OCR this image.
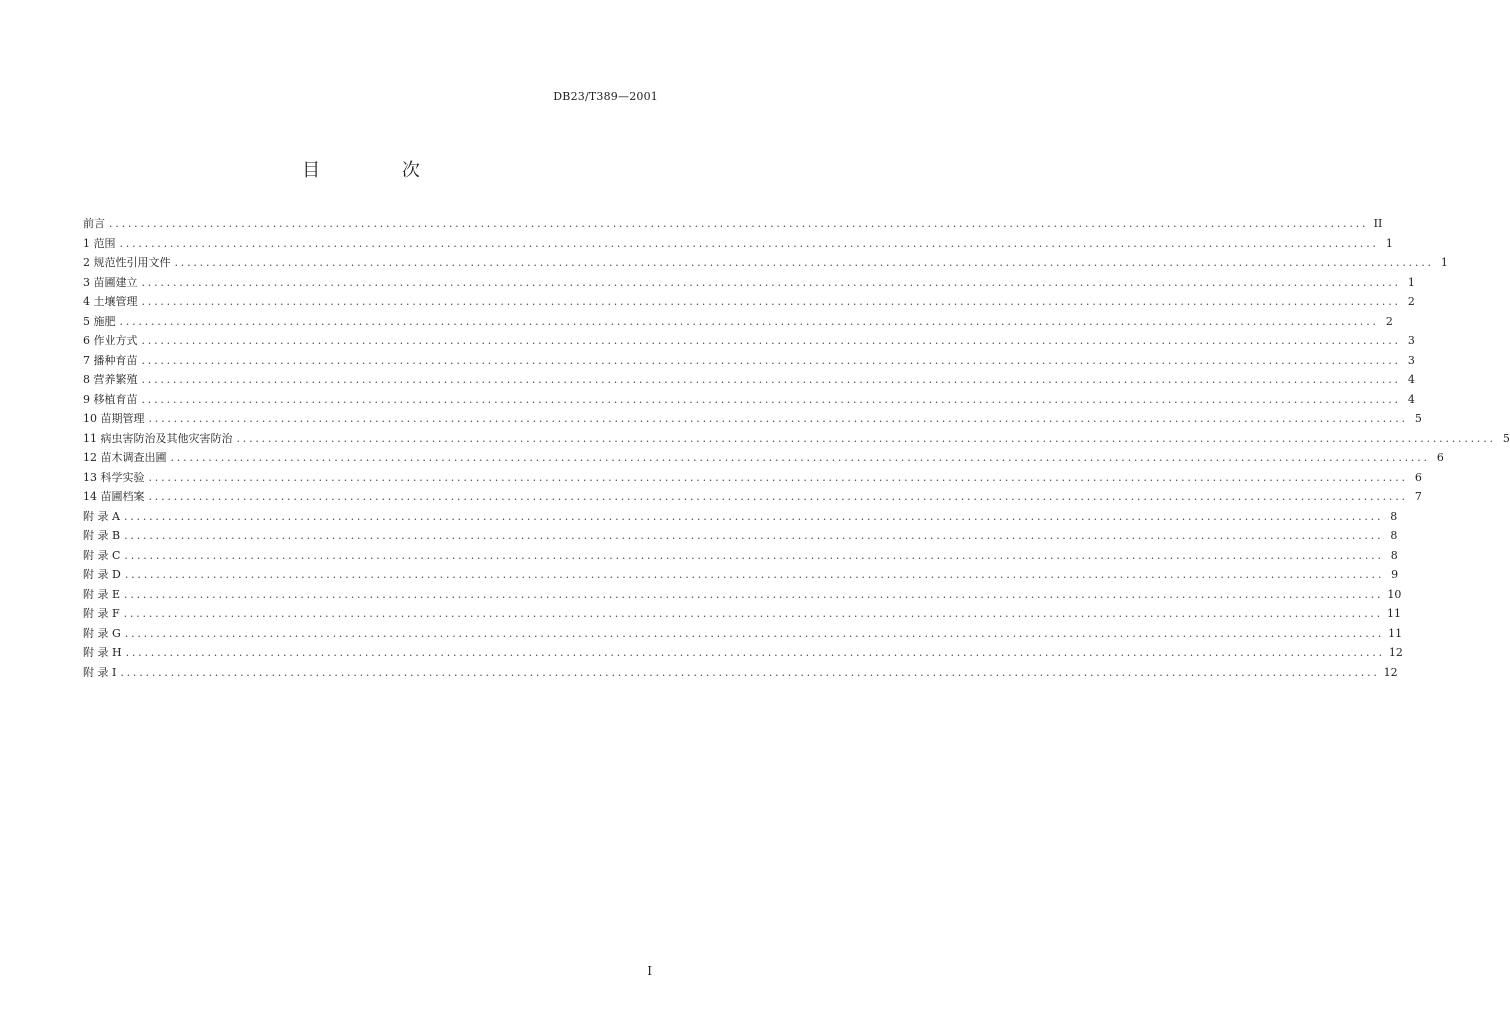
DB23/T389—2001
目 次
前言 ........................................................................................................................................................................................................ II
1 范围 ........................................................................................................................................................................................................ 1
2 规范性引用文件 ........................................................................................................................................................................................................ 1
3 苗圃建立 ........................................................................................................................................................................................................ 1
4 土壤管理 ........................................................................................................................................................................................................ 2
5 施肥 ........................................................................................................................................................................................................ 2
6 作业方式 ........................................................................................................................................................................................................ 3
7 播种育苗 ........................................................................................................................................................................................................ 3
8 营养繁殖 ........................................................................................................................................................................................................ 4
9 移植育苗 ........................................................................................................................................................................................................ 4
10 苗期管理 ........................................................................................................................................................................................................ 5
11 病虫害防治及其他灾害防治 ........................................................................................................................................................................................................ 5
12 苗木调查出圃 ........................................................................................................................................................................................................ 6
13 科学实验 ........................................................................................................................................................................................................ 6
14 苗圃档案 ........................................................................................................................................................................................................ 7
附 录 A ........................................................................................................................................................................................................ 8
附 录 B ........................................................................................................................................................................................................ 8
附 录 C ........................................................................................................................................................................................................ 8
附 录 D ........................................................................................................................................................................................................ 9
附 录 E ........................................................................................................................................................................................................ 10
附 录 F ........................................................................................................................................................................................................ 11
附 录 G ........................................................................................................................................................................................................ 11
附 录 H ........................................................................................................................................................................................................ 12
附 录 I ........................................................................................................................................................................................................ 12
I
